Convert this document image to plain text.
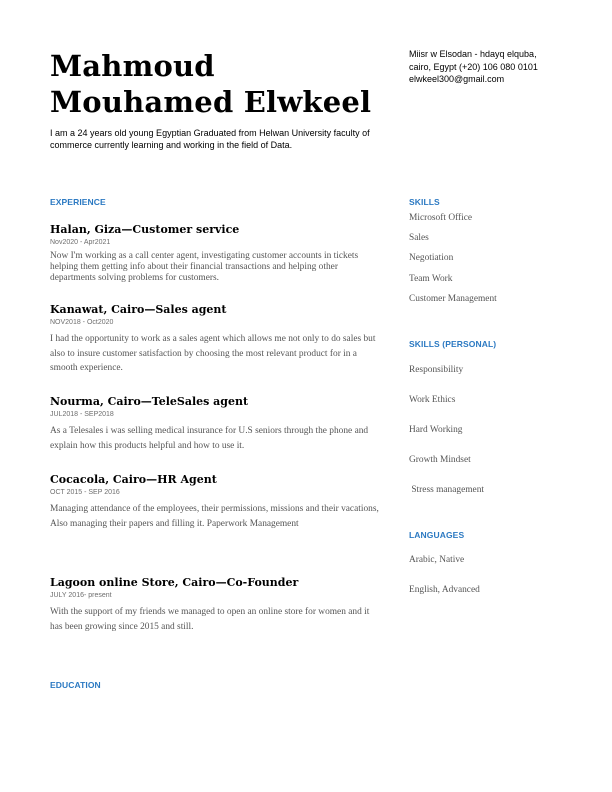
Mahmoud
Mouhamed Elwkeel
I am a 24 years old young Egyptian Graduated from Helwan University faculty of commerce currently learning and working in the field of Data.
Miisr w Elsodan - hdayq elquba,
cairo, Egypt (+20) 106 080 0101
elwkeel300@gmail.com
EXPERIENCE
Halan, Giza—Customer service
Nov2020 - Apr2021
Now I'm working as a call center agent, investigating customer accounts in tickets helping them getting info about their financial transactions and helping other departments solving problems for customers.
Kanawat, Cairo—Sales agent
NOV2018 - Oct2020
I had the opportunity to work as a sales agent which allows me not only to do sales but also to insure customer satisfaction by choosing the most relevant product for in a smooth experience.
Nourma, Cairo—TeleSales agent
JUL2018 - SEP2018
As a Telesales i was selling medical insurance for U.S seniors through the phone and explain how this products helpful and how to use it.
Cocacola, Cairo—HR Agent
OCT 2015 - SEP 2016
Managing attendance of the employees, their permissions, missions and their vacations, Also managing their papers and filling it. Paperwork Management
Lagoon online Store, Cairo—Co-Founder
JULY 2016- present
With the support of my friends we managed to open an online store for women and it has been growing since 2015 and still.
EDUCATION
SKILLS
Microsoft Office
Sales
Negotiation
Team Work
Customer Management
SKILLS (PERSONAL)
Responsibility
Work Ethics
Hard Working
Growth Mindset
Stress management
LANGUAGES
Arabic, Native
English, Advanced
